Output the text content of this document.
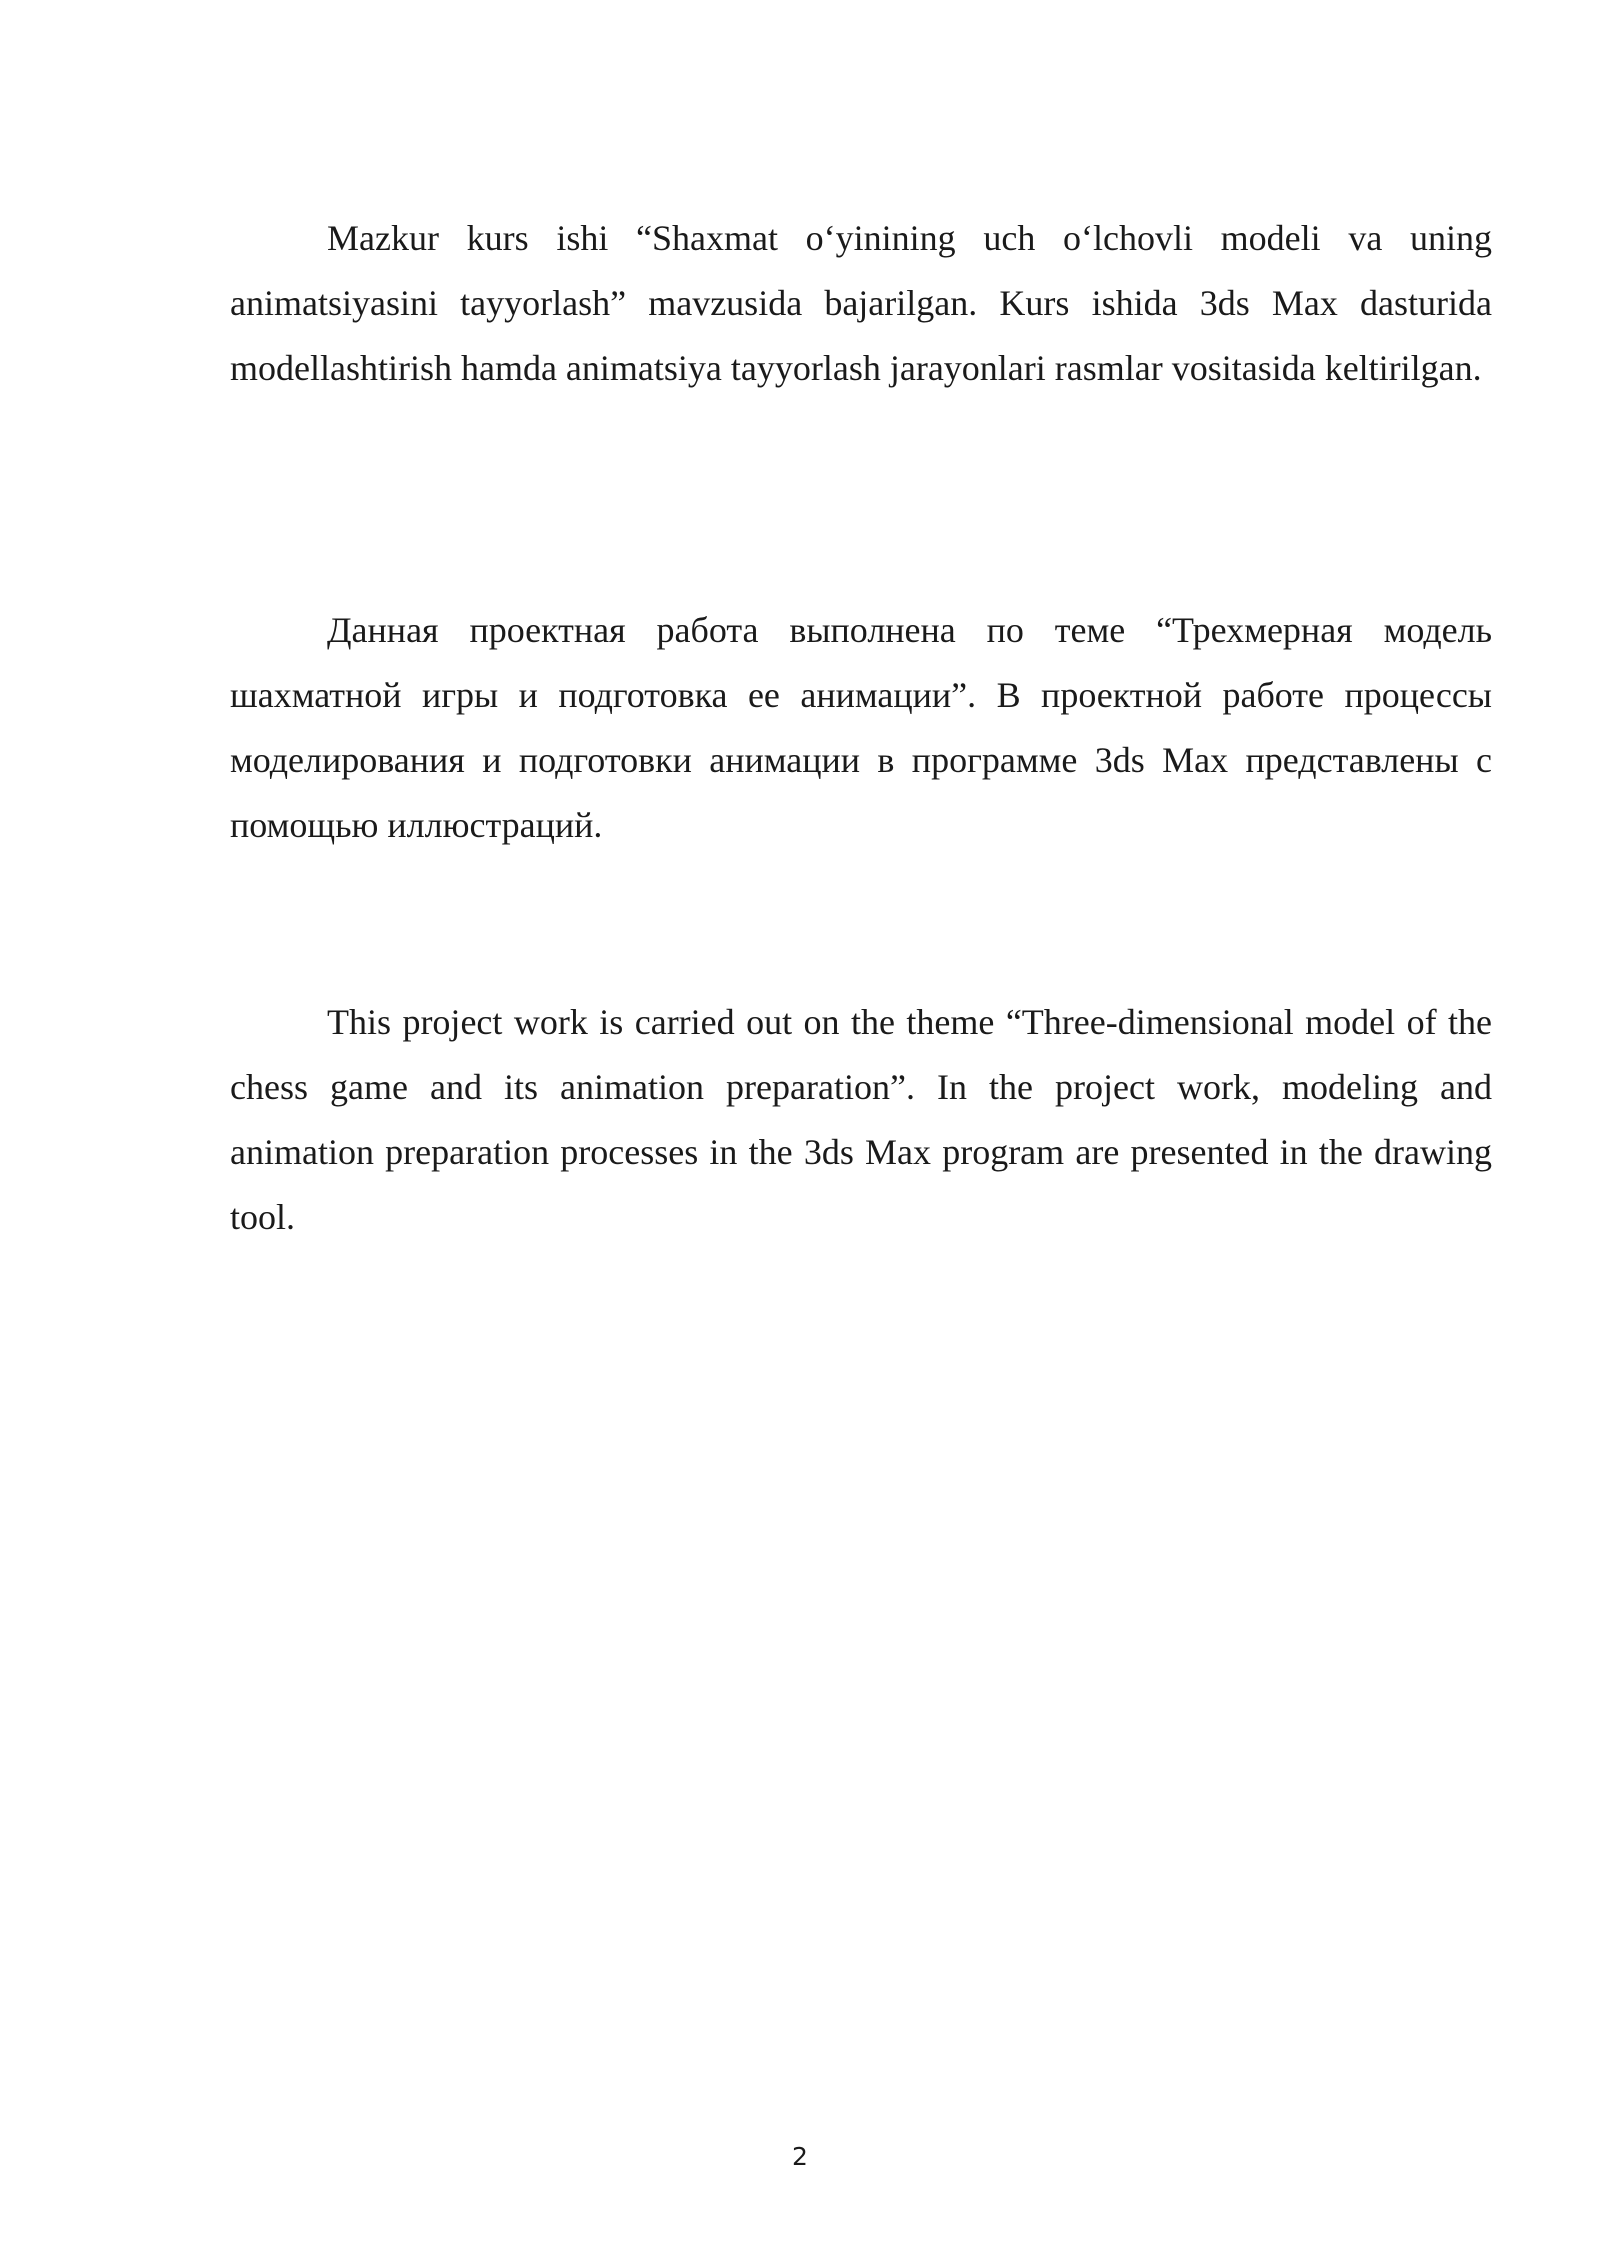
Mazkur kurs ishi “Shaxmat o‘yinining uch o‘lchovli modeli va uning animatsiyasini tayyorlash” mavzusida bajarilgan. Kurs ishida 3ds Max dasturida modellashtirish hamda animatsiya tayyorlash jarayonlari rasmlar vositasida keltirilgan.

Данная проектная работа выполнена по теме “Трехмерная модель шахматной игры и подготовка ее анимации”. В проектной работе процессы моделирования и подготовки анимации в программе 3ds Max представлены с помощью иллюстраций.

This project work is carried out on the theme “Three-dimensional model of the chess game and its animation preparation”. In the project work, modeling and animation preparation processes in the 3ds Max program are presented in the drawing tool.

2
